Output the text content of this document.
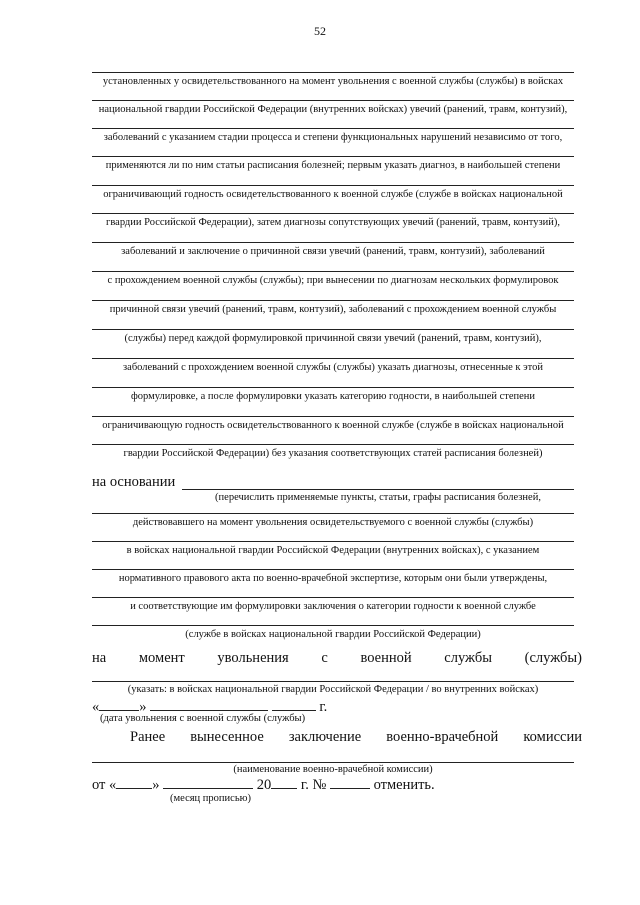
52
установленных у освидетельствованного на момент увольнения с военной службы (службы) в войсках
национальной гвардии Российской Федерации (внутренних войсках) увечий (ранений, травм, контузий),
заболеваний с указанием стадии процесса и степени функциональных нарушений независимо от того,
применяются ли по ним статьи расписания болезней; первым указать диагноз, в наибольшей степени
ограничивающий годность освидетельствованного к военной службе (службе в войсках национальной
гвардии Российской Федерации), затем диагнозы сопутствующих увечий (ранений, травм, контузий),
заболеваний и заключение о причинной связи увечий (ранений, травм, контузий), заболеваний
с прохождением военной службы (службы); при вынесении по диагнозам нескольких формулировок
причинной связи увечий (ранений, травм, контузий), заболеваний с прохождением военной службы
(службы) перед каждой формулировкой причинной связи увечий (ранений, травм, контузий),
заболеваний с прохождением военной службы (службы) указать диагнозы, отнесенные к этой
формулировке, а после формулировки указать категорию годности, в наибольшей степени
ограничивающую годность освидетельствованного к военной службе (службе в войсках национальной
гвардии Российской Федерации) без указания соответствующих статей расписания болезней)
на основании
(перечислить применяемые пункты, статьи, графы расписания болезней,
действовавшего на момент увольнения освидетельствуемого с военной службы (службы)
в войсках национальной гвардии Российской Федерации (внутренних войсках), с указанием
нормативного правового акта по военно-врачебной экспертизе, которым они были утверждены,
и соответствующие им формулировки заключения о категории годности к военной службе
(службе в войсках национальной гвардии Российской Федерации)
на момент увольнения с военной службы (службы)
(указать: в войсках национальной гвардии Российской Федерации / во внутренних войсках)
«	»	г.
(дата увольнения с военной службы (службы)
Ранее вынесенное заключение военно-врачебной комиссии
(наименование военно-врачебной комиссии)
от « »	20 г. №	отменить.
(месяц прописью)
